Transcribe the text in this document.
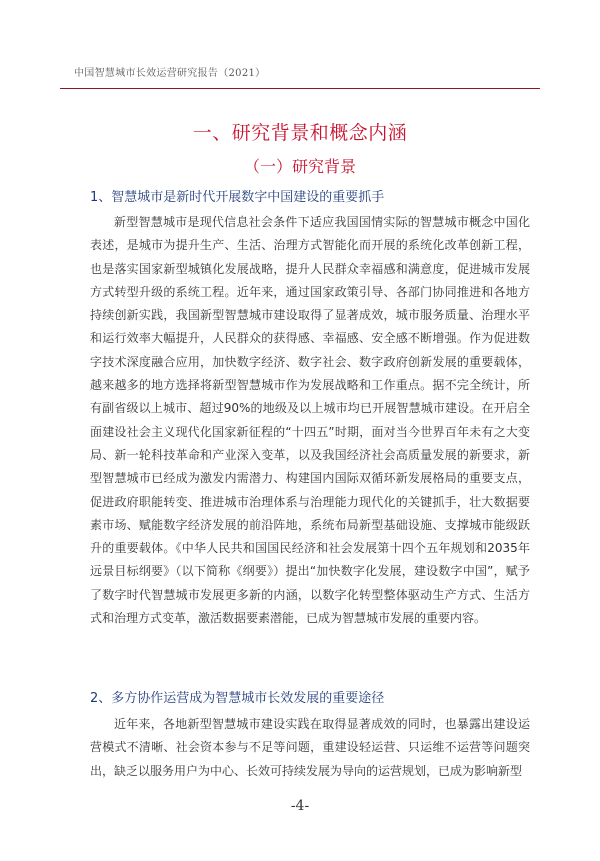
中国智慧城市长效运营研究报告（2021）
一、研究背景和概念内涵
（一）研究背景
1、智慧城市是新时代开展数字中国建设的重要抓手

新型智慧城市是现代信息社会条件下适应我国国情实际的智慧城市概念中国化表述，是城市为提升生产、生活、治理方式智能化而开展的系统化改革创新工程，也是落实国家新型城镇化发展战略，提升人民群众幸福感和满意度，促进城市发展方式转型升级的系统工程。近年来，通过国家政策引导、各部门协同推进和各地方持续创新实践，我国新型智慧城市建设取得了显著成效，城市服务质量、治理水平和运行效率大幅提升，人民群众的获得感、幸福感、安全感不断增强。作为促进数字技术深度融合应用，加快数字经济、数字社会、数字政府创新发展的重要载体，越来越多的地方选择将新型智慧城市作为发展战略和工作重点。据不完全统计，所有副省级以上城市、超过90%的地级及以上城市均已开展智慧城市建设。在开启全面建设社会主义现代化国家新征程的“十四五”时期，面对当今世界百年未有之大变局、新一轮科技革命和产业深入变革，以及我国经济社会高质量发展的新要求，新型智慧城市已经成为激发内需潜力、构建国内国际双循环新发展格局的重要支点，促进政府职能转变、推进城市治理体系与治理能力现代化的关键抓手，壮大数据要素市场、赋能数字经济发展的前沿阵地，系统布局新型基础设施、支撑城市能级跃升的重要载体。《中华人民共和国国民经济和社会发展第十四个五年规划和2035年远景目标纲要》（以下简称《纲要》）提出“加快数字化发展，建设数字中国”，赋予了数字时代智慧城市发展更多新的内涵，以数字化转型整体驱动生产方式、生活方式和治理方式变革，激活数据要素潜能，已成为智慧城市发展的重要内容。

2、多方协作运营成为智慧城市长效发展的重要途径

近年来，各地新型智慧城市建设实践在取得显著成效的同时，也暴露出建设运营模式不清晰、社会资本参与不足等问题，重建设轻运营、只运维不运营等问题突出，缺乏以服务用户为中心、长效可持续发展为导向的运营规划，已成为影响新型

-4-
